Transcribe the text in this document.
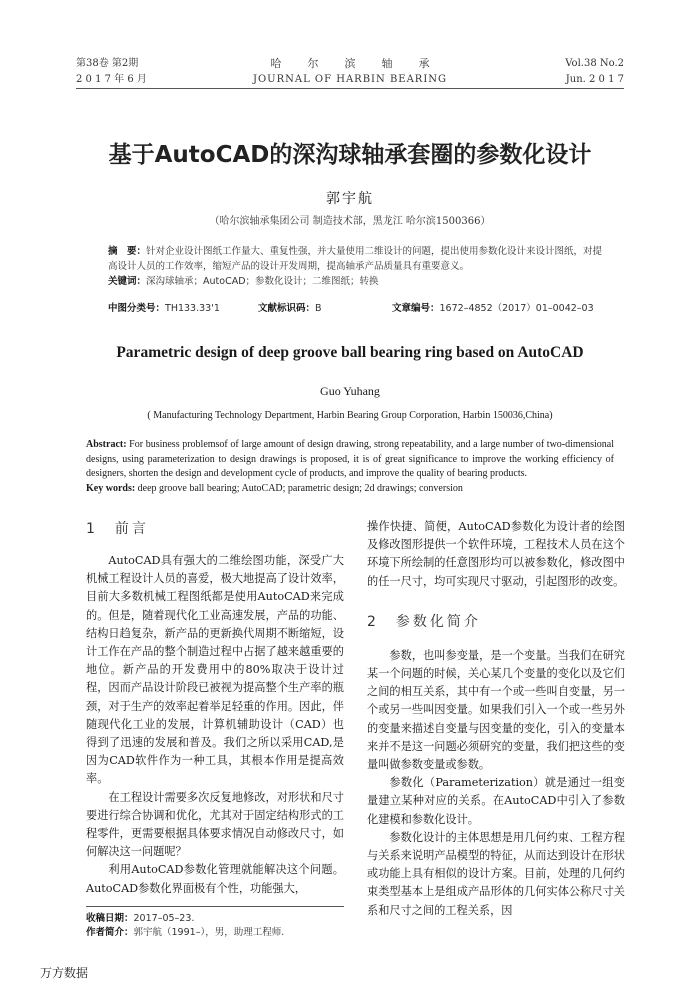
第38卷 第2期
2 0 1 7 年 6 月
哈尔滨轴承
JOURNAL OF HARBIN BEARING
Vol.38 No.2
Jun. 2 0 1 7
基于AutoCAD的深沟球轴承套圈的参数化设计
郭宇航
（哈尔滨轴承集团公司 制造技术部，黑龙江 哈尔滨1500366）
摘　要：针对企业设计图纸工作量大、重复性强，并大量使用二维设计的问题，提出使用参数化设计来设计图纸，对提高设计人员的工作效率，缩短产品的设计开发周期，提高轴承产品质量具有重要意义。
关键词：深沟球轴承；AutoCAD；参数化设计；二维图纸；转换
中图分类号：TH133.33'1	文献标识码：B	文章编号：1672–4852（2017）01–0042–03
Parametric design of deep groove ball bearing ring based on AutoCAD
Guo Yuhang
( Manufacturing Technology Department, Harbin Bearing Group Corporation, Harbin 150036,China)
Abstract: For business problemsof of large amount of design drawing, strong repeatability, and a large number of two-dimensional designs, using parameterization to design drawings is proposed, it is of great significance to improve the working efficiency of designers, shorten the design and development cycle of products, and improve the quality of bearing products.
Key words: deep groove ball bearing; AutoCAD; parametric design; 2d drawings; conversion
1　前言

AutoCAD具有强大的二维绘图功能，深受广大机械工程设计人员的喜爱，极大地提高了设计效率，目前大多数机械工程图纸都是使用AutoCAD来完成的。但是，随着现代化工业高速发展，产品的功能、结构日趋复杂，新产品的更新换代周期不断缩短，设计工作在产品的整个制造过程中占据了越来越重要的地位。新产品的开发费用中的80%取决于设计过程，因而产品设计阶段已被视为提高整个生产率的瓶颈，对于生产的效率起着举足轻重的作用。因此，伴随现代化工业的发展，计算机辅助设计（CAD）也得到了迅速的发展和普及。我们之所以采用CAD,是因为CAD软件作为一种工具，其根本作用是提高效率。

在工程设计需要多次反复地修改，对形状和尺寸要进行综合协调和优化，尤其对于固定结构形式的工程零件，更需要根据具体要求情况自动修改尺寸，如何解决这一问题呢？

利用AutoCAD参数化管理就能解决这个问题。AutoCAD参数化界面极有个性，功能强大，

操作快捷、简便，AutoCAD参数化为设计者的绘图及修改图形提供一个软件环境，工程技术人员在这个环境下所绘制的任意图形均可以被参数化，修改图中的任一尺寸，均可实现尺寸驱动，引起图形的改变。

2　参数化简介

参数，也叫参变量，是一个变量。当我们在研究某一个问题的时候，关心某几个变量的变化以及它们之间的相互关系，其中有一个或一些叫自变量，另一个或另一些叫因变量。如果我们引入一个或一些另外的变量来描述自变量与因变量的变化，引入的变量本来并不是这一问题必须研究的变量，我们把这些的变量叫做参数变量或参数。

参数化（Parameterization）就是通过一组变量建立某种对应的关系。在AutoCAD中引入了参数化建模和参数化设计。

参数化设计的主体思想是用几何约束、工程方程与关系来说明产品模型的特征，从而达到设计在形状或功能上具有相似的设计方案。目前，处理的几何约束类型基本上是组成产品形体的几何实体公称尺寸关系和尺寸之间的工程关系，因

收稿日期：2017–05–23.
作者简介：郭宇航（1991–），男，助理工程师.
万方数据
